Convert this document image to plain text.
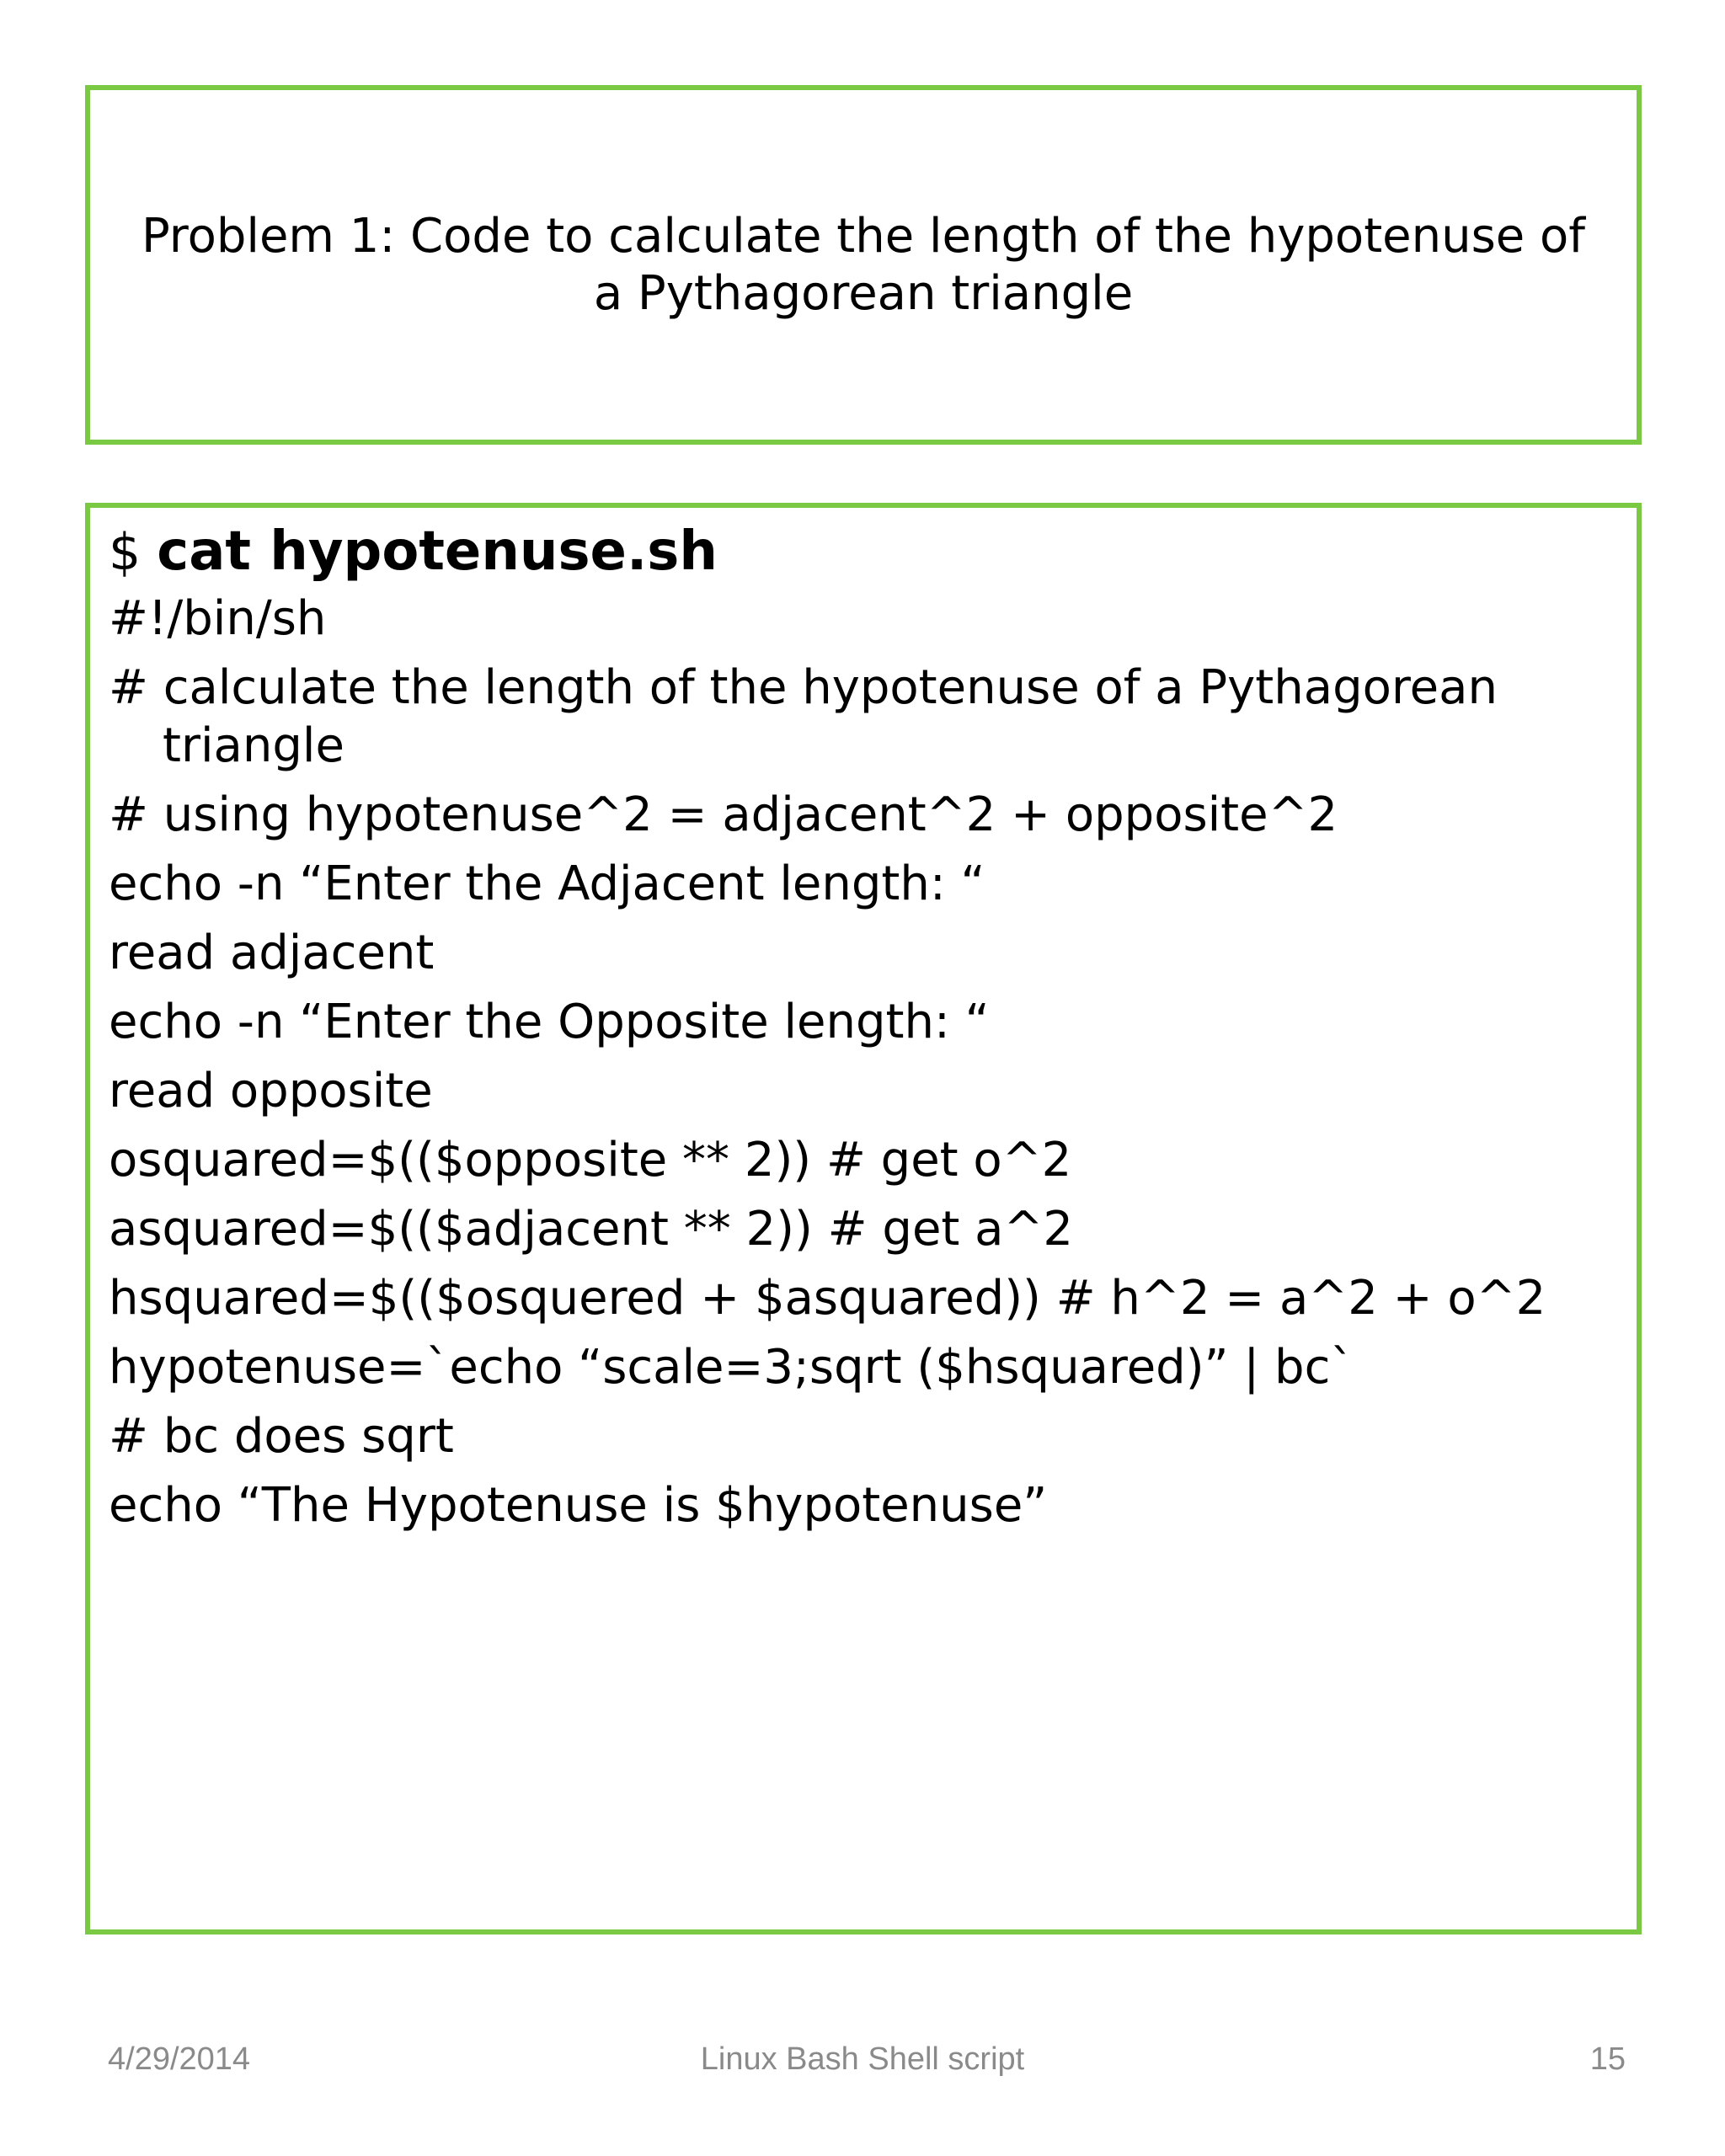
Problem 1: Code to calculate the length of the hypotenuse of a Pythagorean triangle

$ cat hypotenuse.sh
#!/bin/sh
# calculate the length of the hypotenuse of a Pythagorean triangle
# using hypotenuse^2 = adjacent^2 + opposite^2
echo -n “Enter the Adjacent length: “
read adjacent
echo -n “Enter the Opposite length: “
read opposite
osquared=$(($opposite ** 2)) # get o^2
asquared=$(($adjacent ** 2)) # get a^2
hsquared=$(($osquered + $asquared)) # h^2 = a^2 + o^2
hypotenuse=`echo “scale=3;sqrt ($hsquared)” | bc`
# bc does sqrt
echo “The Hypotenuse is $hypotenuse”
4/29/2014	Linux Bash Shell script	15
